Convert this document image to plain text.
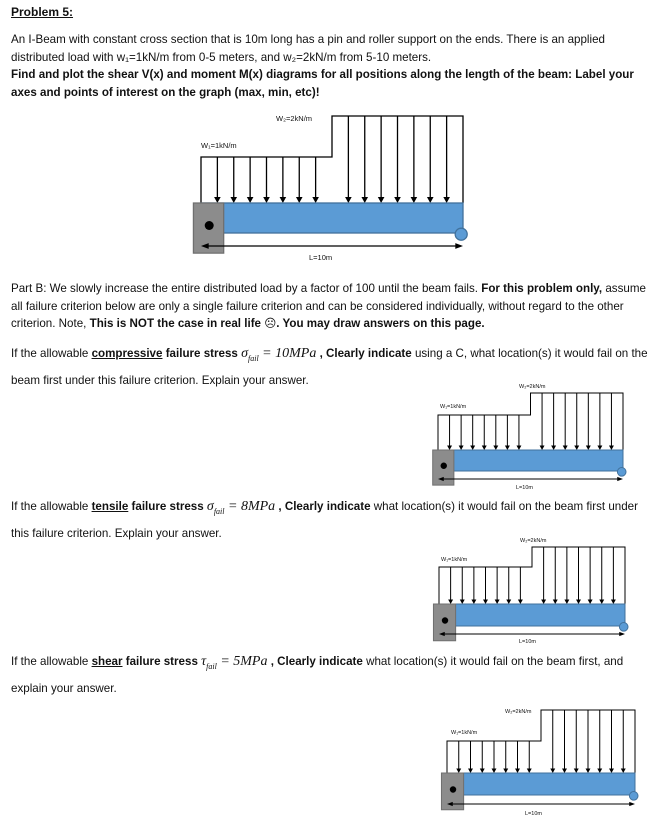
Problem 5:
An I-Beam with constant cross section that is 10m long has a pin and roller support on the ends. There is an applied distributed load with w₁=1kN/m from 0-5 meters, and w₂=2kN/m from 5-10 meters.
Find and plot the shear V(x) and moment M(x) diagrams for all positions along the length of the beam: Label your axes and points of interest on the graph (max, min, etc)!
W₁=1kN/m
W₂=2kN/m
L=10m
Part B: We slowly increase the entire distributed load by a factor of 100 until the beam fails. For this problem only, assume all failure criterion below are only a single failure criterion and can be considered individually, without regard to the other criterion. Note, This is NOT the case in real life ☹. You may draw answers on this page.
If the allowable compressive failure stress $\sigma_{fail} = 10MPa$ , Clearly indicate using a C, what location(s) it would fail on the beam first under this failure criterion. Explain your answer.
W₁=1kN/m
W₂=2kN/m
L=10m
If the allowable tensile failure stress $\sigma_{fail} = 8MPa$ , Clearly indicate what location(s) it would fail on the beam first under this failure criterion. Explain your answer.
W₁=1kN/m
W₂=2kN/m
L=10m
If the allowable shear failure stress $\tau_{fail} = 5MPa$ , Clearly indicate what location(s) it would fail on the beam first, and explain your answer.
W₁=1kN/m
W₂=2kN/m
L=10m
